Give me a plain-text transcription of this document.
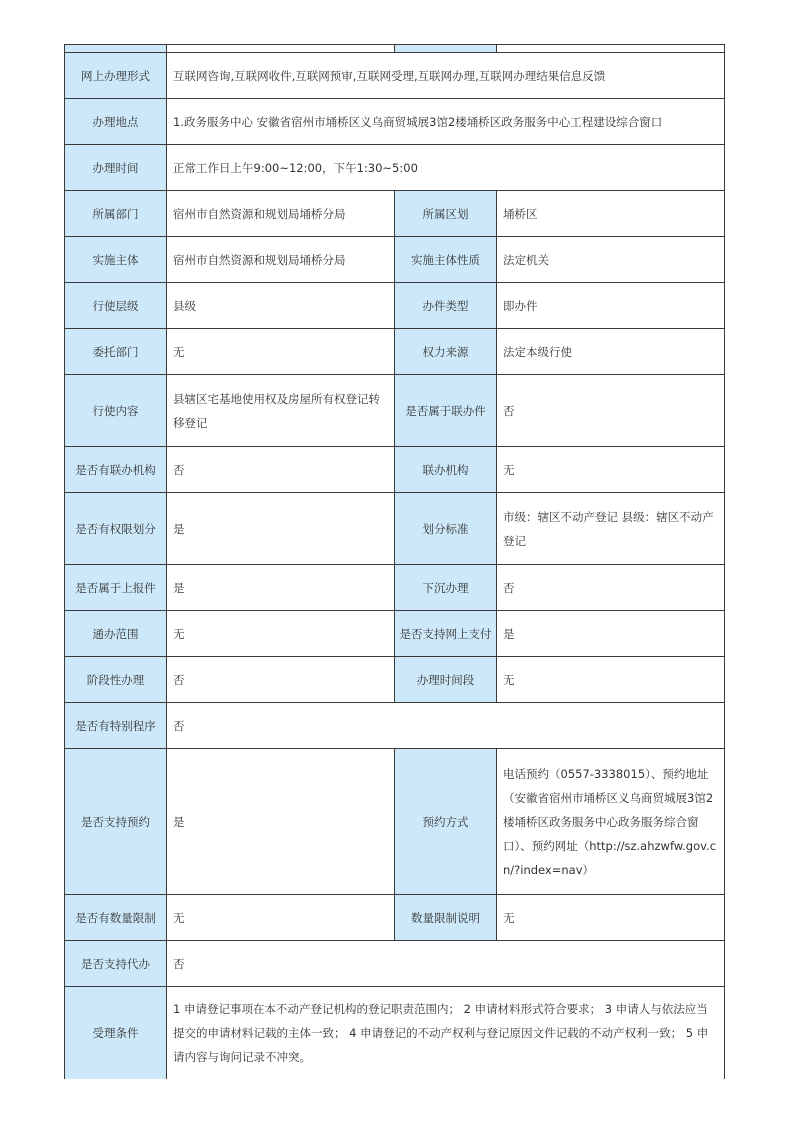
网上办理形式	互联网咨询,互联网收件,互联网预审,互联网受理,互联网办理,互联网办理结果信息反馈		
办理地点	1.政务服务中心 安徽省宿州市埇桥区义乌商贸城展3馆2楼埇桥区政务服务中心工程建设综合窗口		
办理时间	正常工作日上午9:00~12:00，下午1:30~5:00		
所属部门	宿州市自然资源和规划局埇桥分局	所属区划	埇桥区
实施主体	宿州市自然资源和规划局埇桥分局	实施主体性质	法定机关
行使层级	县级	办件类型	即办件
委托部门	无	权力来源	法定本级行使
行使内容	县辖区宅基地使用权及房屋所有权登记转移登记	是否属于联办件	否
是否有联办机构	否	联办机构	无
是否有权限划分	是	划分标准	市级：辖区不动产登记 县级：辖区不动产登记
是否属于上报件	是	下沉办理	否
通办范围	无	是否支持网上支付	是
阶段性办理	否	办理时间段	无
是否有特别程序	否		
是否支持预约	是	预约方式	电话预约（0557-3338015）、预约地址（安徽省宿州市埇桥区义乌商贸城展3馆2楼埇桥区政务服务中心政务服务综合窗口）、预约网址（http://sz.ahzwfw.gov.cn/?index=nav）
是否有数量限制	无	数量限制说明	无
是否支持代办	否		
受理条件	1 申请登记事项在本不动产登记机构的登记职责范围内； 2 申请材料形式符合要求； 3 申请人与依法应当提交的申请材料记载的主体一致； 4 申请登记的不动产权利与登记原因文件记载的不动产权利一致； 5 申请内容与询问记录不冲突。		
